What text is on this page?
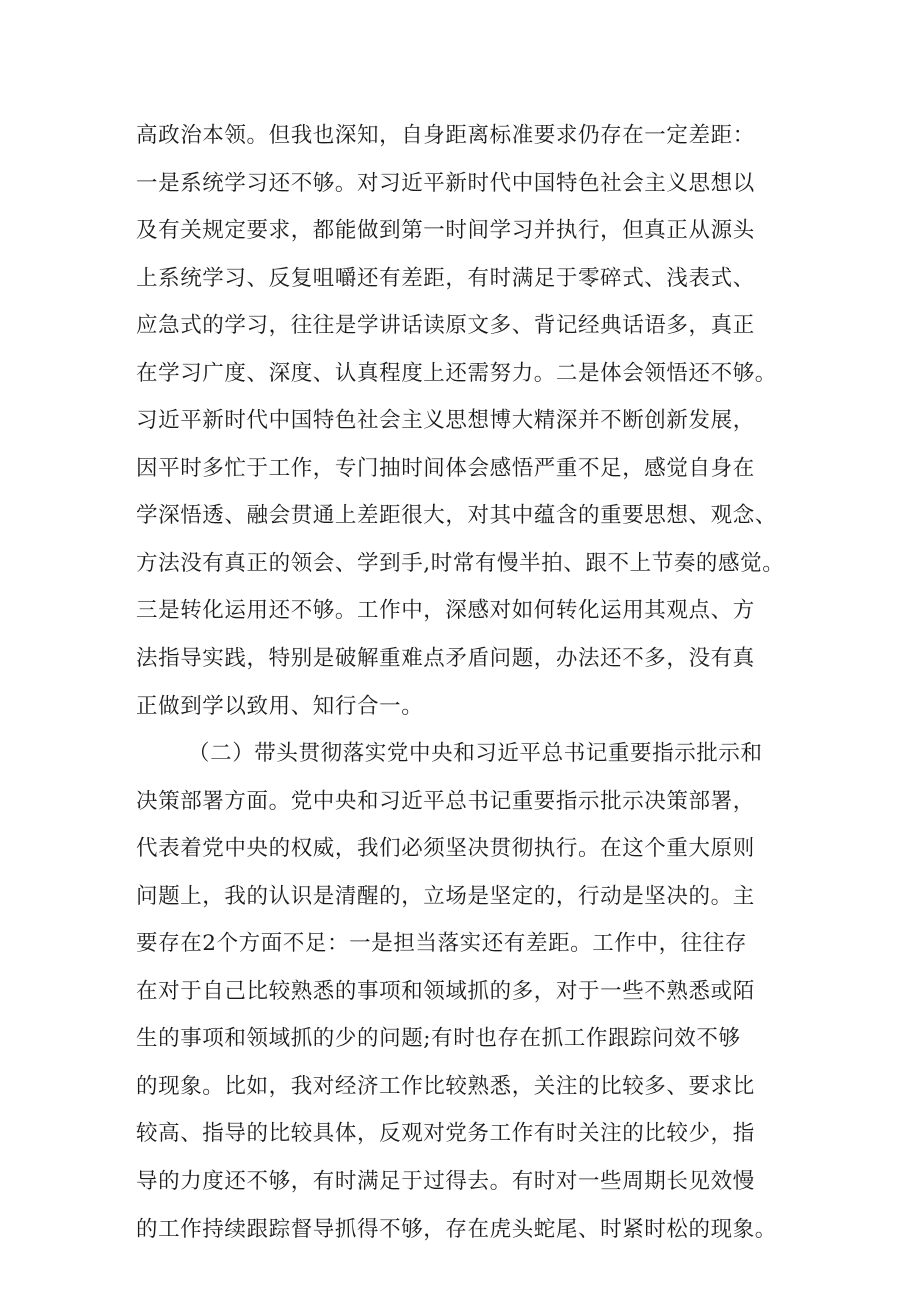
高政治本领。但我也深知，自身距离标准要求仍存在一定差距：
一是系统学习还不够。对习近平新时代中国特色社会主义思想以
及有关规定要求，都能做到第一时间学习并执行，但真正从源头
上系统学习、反复咀嚼还有差距，有时满足于零碎式、浅表式、
应急式的学习，往往是学讲话读原文多、背记经典话语多，真正
在学习广度、深度、认真程度上还需努力。二是体会领悟还不够。
习近平新时代中国特色社会主义思想博大精深并不断创新发展，
因平时多忙于工作，专门抽时间体会感悟严重不足，感觉自身在
学深悟透、融会贯通上差距很大，对其中蕴含的重要思想、观念、
方法没有真正的领会、学到手,时常有慢半拍、跟不上节奏的感觉。
三是转化运用还不够。工作中，深感对如何转化运用其观点、方
法指导实践，特别是破解重难点矛盾问题，办法还不多，没有真
正做到学以致用、知行合一。
（二）带头贯彻落实党中央和习近平总书记重要指示批示和
决策部署方面。党中央和习近平总书记重要指示批示决策部署，
代表着党中央的权威，我们必须坚决贯彻执行。在这个重大原则
问题上，我的认识是清醒的，立场是坚定的，行动是坚决的。主
要存在2个方面不足：一是担当落实还有差距。工作中，往往存
在对于自己比较熟悉的事项和领域抓的多，对于一些不熟悉或陌
生的事项和领域抓的少的问题;有时也存在抓工作跟踪问效不够
的现象。比如，我对经济工作比较熟悉，关注的比较多、要求比
较高、指导的比较具体，反观对党务工作有时关注的比较少，指
导的力度还不够，有时满足于过得去。有时对一些周期长见效慢
的工作持续跟踪督导抓得不够，存在虎头蛇尾、时紧时松的现象。
